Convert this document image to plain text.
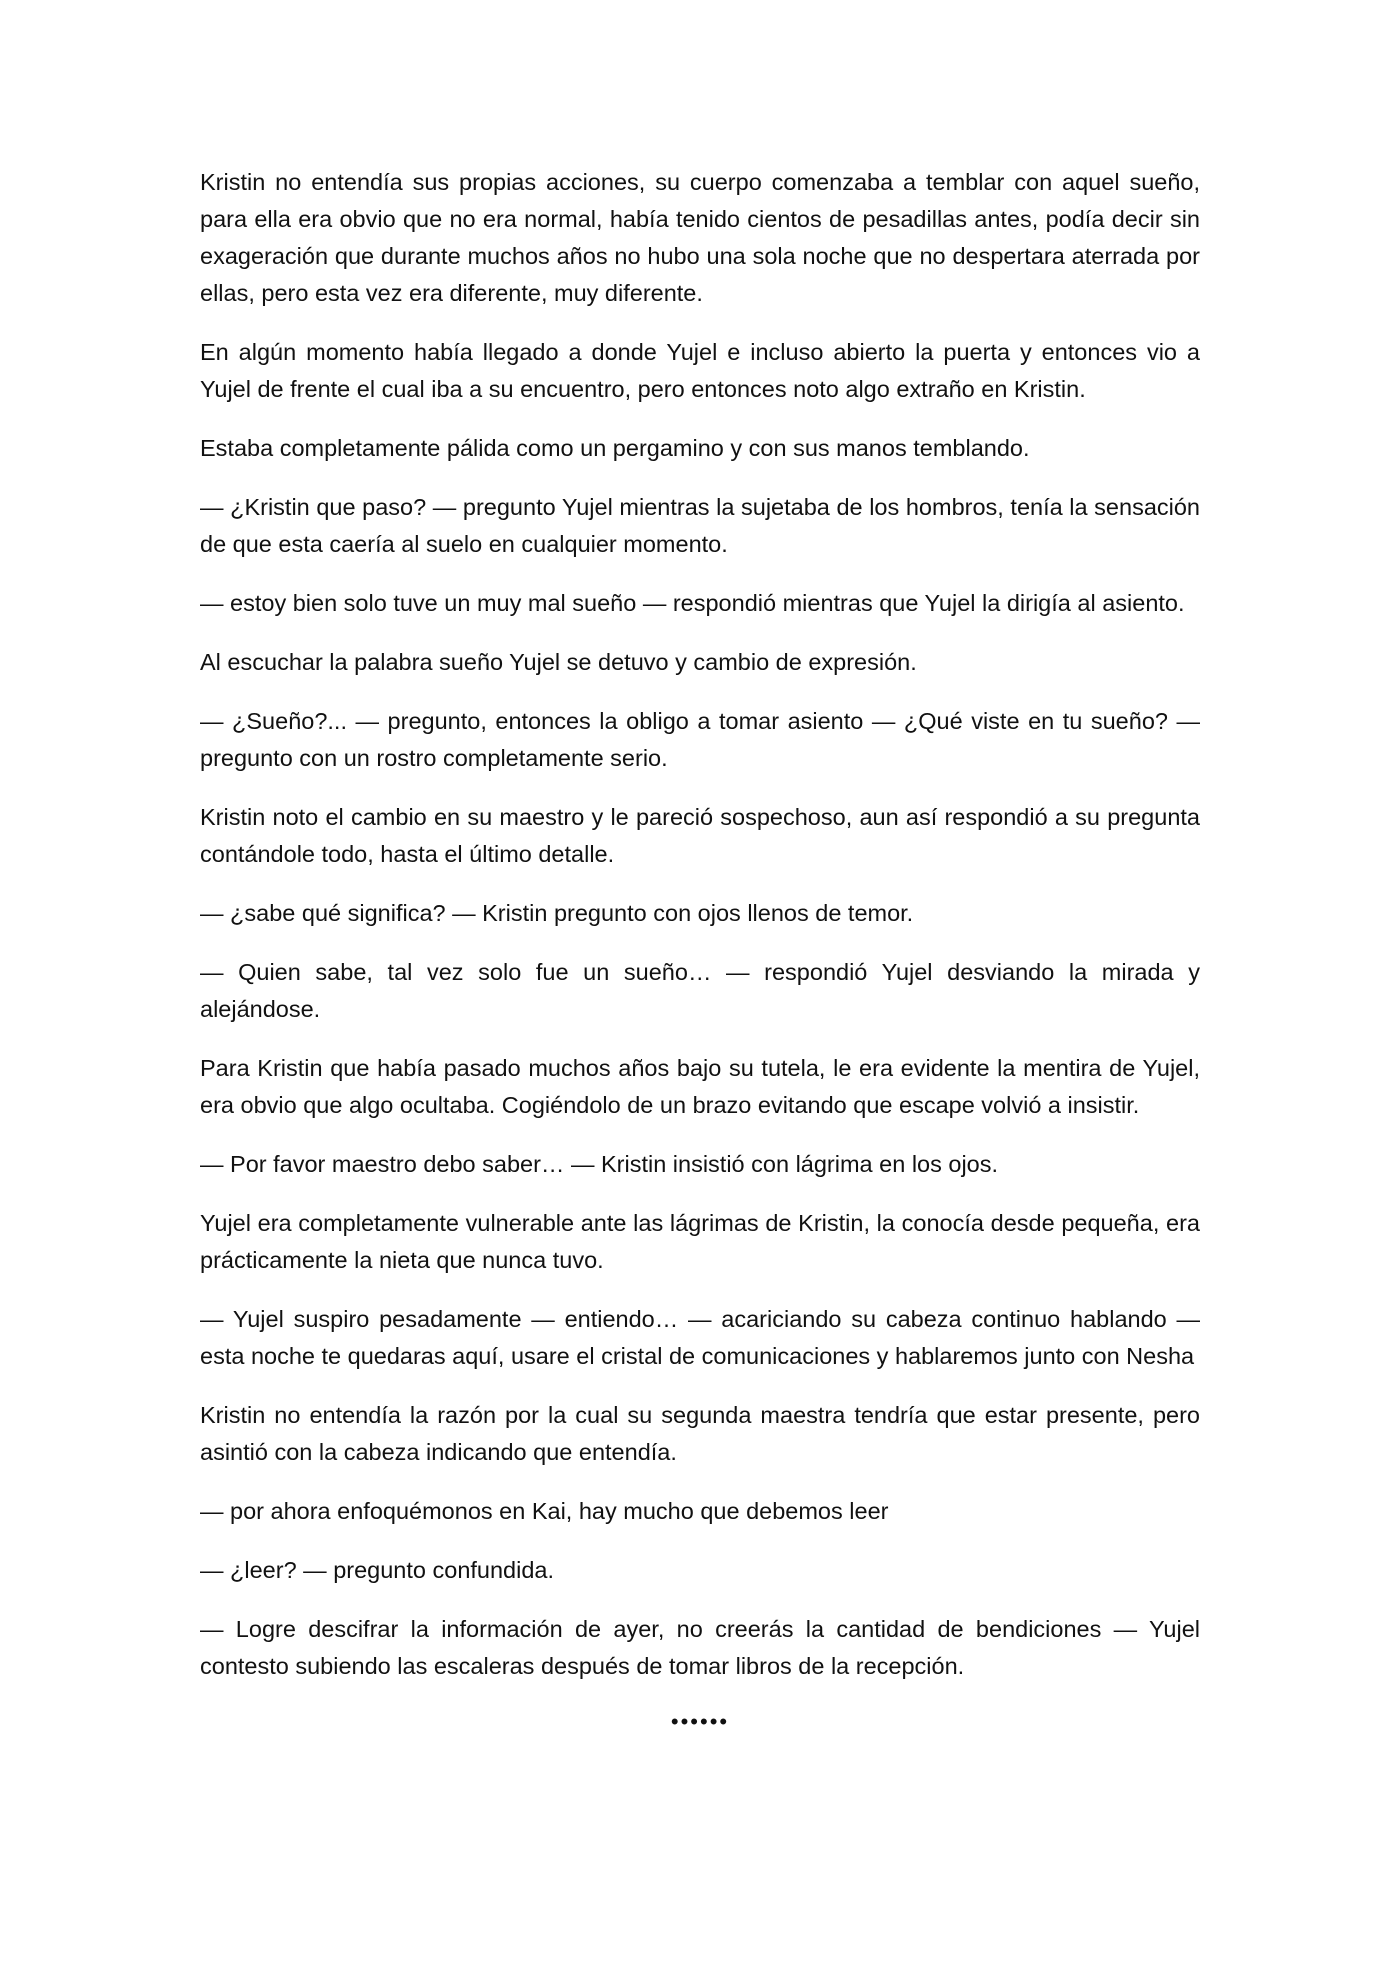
Kristin no entendía sus propias acciones, su cuerpo comenzaba a temblar con aquel sueño, para ella era obvio que no era normal, había tenido cientos de pesadillas antes, podía decir sin exageración que durante muchos años no hubo una sola noche que no despertara aterrada por ellas, pero esta vez era diferente, muy diferente.

En algún momento había llegado a donde Yujel e incluso abierto la puerta y entonces vio a Yujel de frente el cual iba a su encuentro, pero entonces noto algo extraño en Kristin.

Estaba completamente pálida como un pergamino y con sus manos temblando.

— ¿Kristin que paso? — pregunto Yujel mientras la sujetaba de los hombros, tenía la sensación de que esta caería al suelo en cualquier momento.

— estoy bien solo tuve un muy mal sueño — respondió mientras que Yujel la dirigía al asiento.

Al escuchar la palabra sueño Yujel se detuvo y cambio de expresión.

— ¿Sueño?... — pregunto, entonces la obligo a tomar asiento — ¿Qué viste en tu sueño? — pregunto con un rostro completamente serio.

Kristin noto el cambio en su maestro y le pareció sospechoso, aun así respondió a su pregunta contándole todo, hasta el último detalle.

— ¿sabe qué significa? — Kristin pregunto con ojos llenos de temor.

— Quien sabe, tal vez solo fue un sueño… — respondió Yujel desviando la mirada y alejándose.

Para Kristin que había pasado muchos años bajo su tutela, le era evidente la mentira de Yujel, era obvio que algo ocultaba. Cogiéndolo de un brazo evitando que escape volvió a insistir.

— Por favor maestro debo saber… — Kristin insistió con lágrima en los ojos.

Yujel era completamente vulnerable ante las lágrimas de Kristin, la conocía desde pequeña, era prácticamente la nieta que nunca tuvo.

— Yujel suspiro pesadamente — entiendo… — acariciando su cabeza continuo hablando — esta noche te quedaras aquí, usare el cristal de comunicaciones y hablaremos junto con Nesha

Kristin no entendía la razón por la cual su segunda maestra tendría que estar presente, pero asintió con la cabeza indicando que entendía.

— por ahora enfoquémonos en Kai, hay mucho que debemos leer

— ¿leer? — pregunto confundida.

— Logre descifrar la información de ayer, no creerás la cantidad de bendiciones — Yujel contesto subiendo las escaleras después de tomar libros de la recepción.

••••••
